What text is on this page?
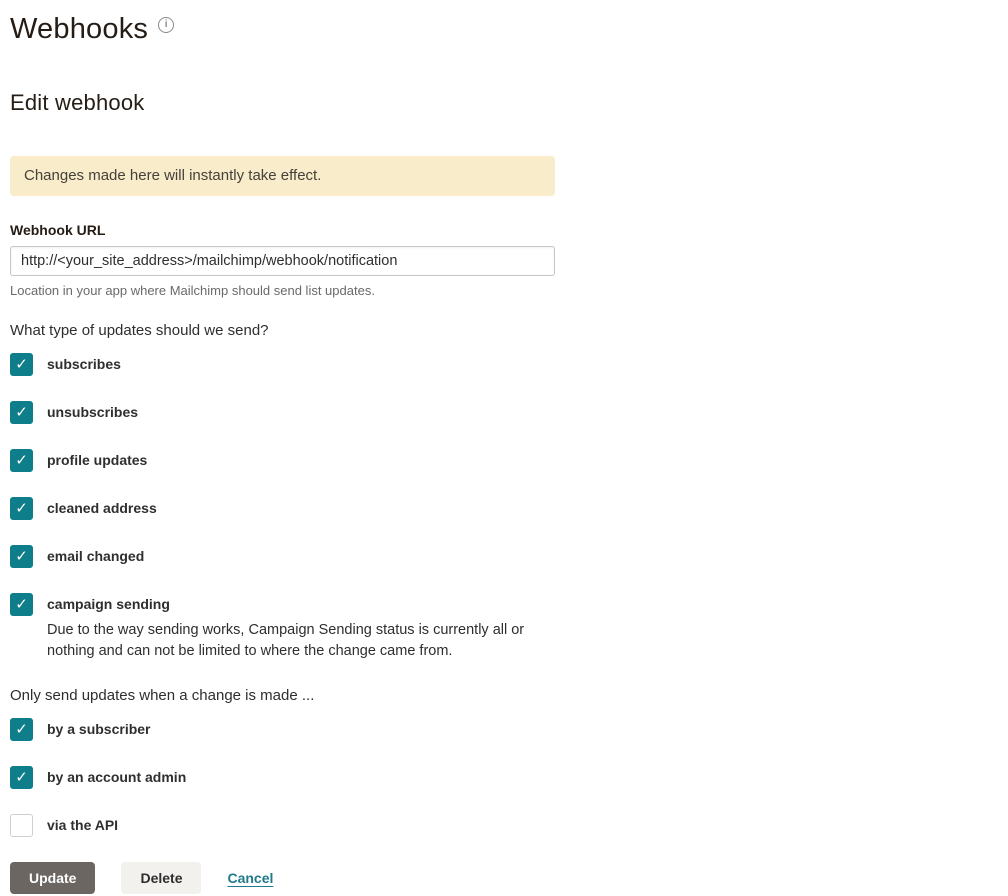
Webhooks	i
Edit webhook
Changes made here will instantly take effect.
Webhook URL
http://<your_site_address>/mailchimp/webhook/notification
Location in your app where Mailchimp should send list updates.
What type of updates should we send?
✓ subscribes
✓ unsubscribes
✓ profile updates
✓ cleaned address
✓ email changed
✓ campaign sending

Due to the way sending works, Campaign Sending status is currently all or nothing and can not be limited to where the change came from.

Only send updates when a change is made ...
✓ by a subscriber
✓ by an account admin
via the API
Update	Delete	Cancel
